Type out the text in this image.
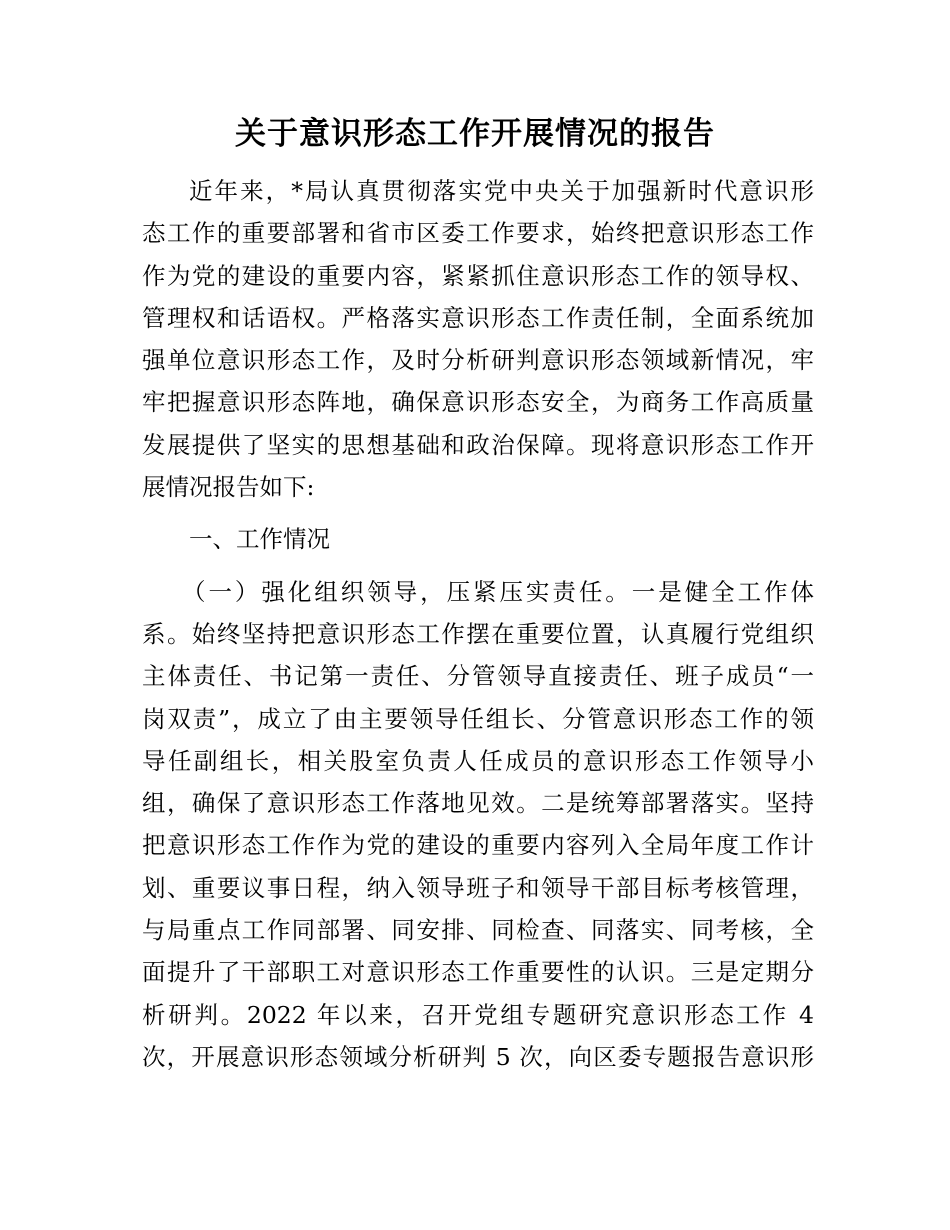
关于意识形态工作开展情况的报告
近年来，*局认真贯彻落实党中央关于加强新时代意识形
态工作的重要部署和省市区委工作要求，始终把意识形态工作
作为党的建设的重要内容，紧紧抓住意识形态工作的领导权、
管理权和话语权。严格落实意识形态工作责任制，全面系统加
强单位意识形态工作，及时分析研判意识形态领域新情况，牢
牢把握意识形态阵地，确保意识形态安全，为商务工作高质量
发展提供了坚实的思想基础和政治保障。现将意识形态工作开
展情况报告如下:
一、工作情况
（一）强化组织领导，压紧压实责任。一是健全工作体
系。始终坚持把意识形态工作摆在重要位置，认真履行党组织
主体责任、书记第一责任、分管领导直接责任、班子成员“一
岗双责”，成立了由主要领导任组长、分管意识形态工作的领
导任副组长，相关股室负责人任成员的意识形态工作领导小
组，确保了意识形态工作落地见效。二是统筹部署落实。坚持
把意识形态工作作为党的建设的重要内容列入全局年度工作计
划、重要议事日程，纳入领导班子和领导干部目标考核管理，
与局重点工作同部署、同安排、同检查、同落实、同考核，全
面提升了干部职工对意识形态工作重要性的认识。三是定期分
析研判。2022 年以来，召开党组专题研究意识形态工作 4
次，开展意识形态领域分析研判 5 次，向区委专题报告意识形
